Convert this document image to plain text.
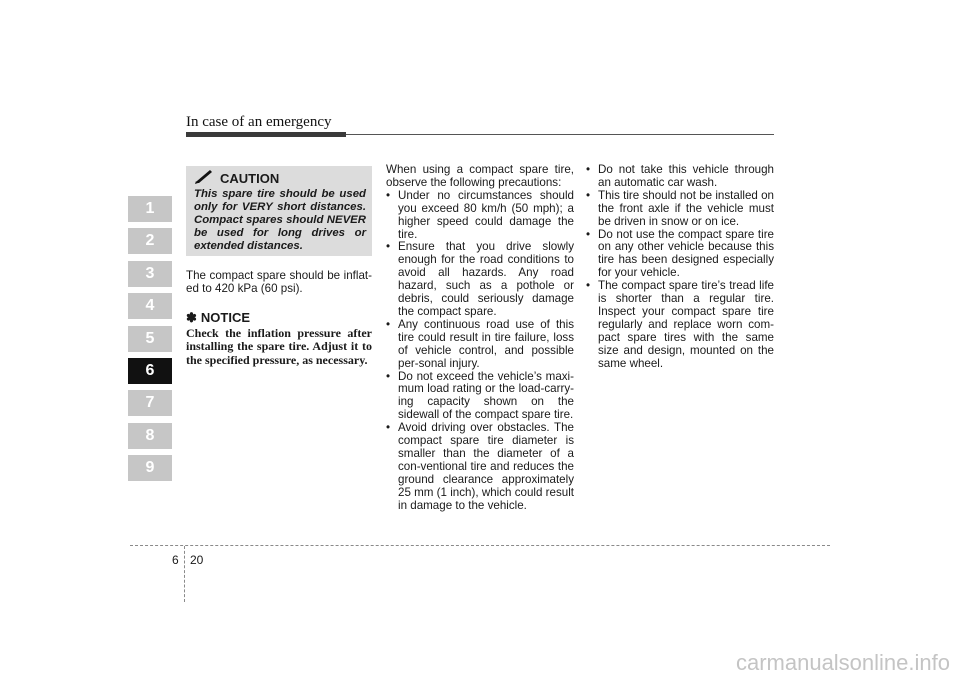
In case of an emergency
1
2
3
4
5
6
7
8
9
CAUTION
This spare tire should be used only for VERY short distances. Compact spares should NEVER be used for long drives or extended distances.
The compact spare should be inflat-ed to 420 kPa (60 psi).
✽ NOTICE
Check the inflation pressure after installing the spare tire. Adjust it to the specified pressure, as necessary.
When using a compact spare tire, observe the following precautions:
• Under no circumstances should you exceed 80 km/h (50 mph); a higher speed could damage the tire.
• Ensure that you drive slowly enough for the road conditions to avoid all hazards. Any road hazard, such as a pothole or debris, could seriously damage the compact spare.
• Any continuous road use of this tire could result in tire failure, loss of vehicle control, and possible per-sonal injury.
• Do not exceed the vehicle’s maxi-mum load rating or the load-carry-ing capacity shown on the sidewall of the compact spare tire.
• Avoid driving over obstacles. The compact spare tire diameter is smaller than the diameter of a con-ventional tire and reduces the ground clearance approximately 25 mm (1 inch), which could result in damage to the vehicle.
• Do not take this vehicle through an automatic car wash.
• This tire should not be installed on the front axle if the vehicle must be driven in snow or on ice.
• Do not use the compact spare tire on any other vehicle because this tire has been designed especially for your vehicle.
• The compact spare tire’s tread life is shorter than a regular tire. Inspect your compact spare tire regularly and replace worn com-pact spare tires with the same size and design, mounted on the same wheel.
6 20
carmanualsonline.info
